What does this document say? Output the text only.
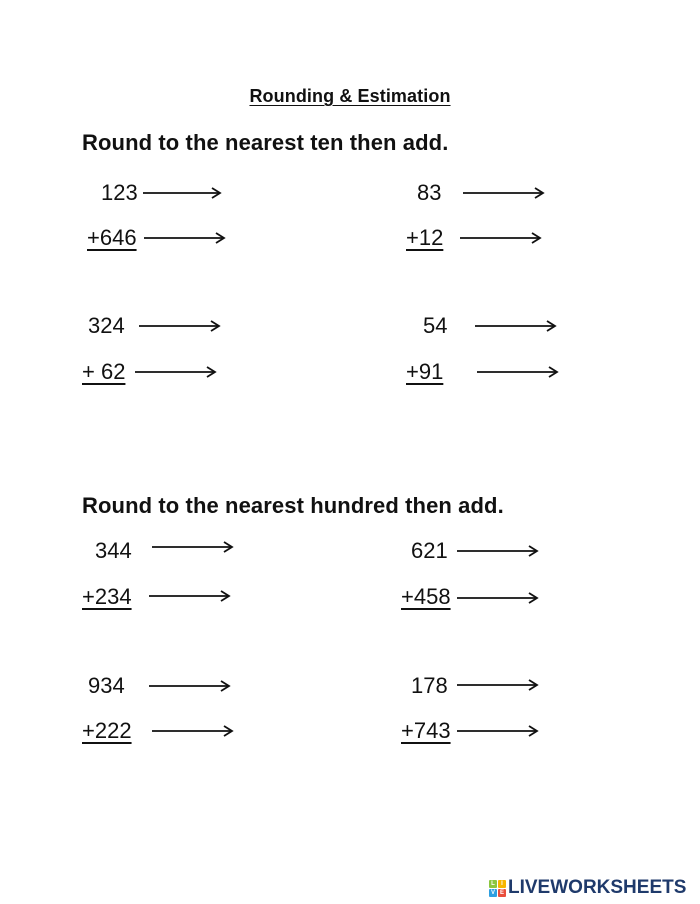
Rounding & Estimation
Round to the nearest ten then add.
123
+646
83
+12
324
+ 62
54
+91
Round to the nearest hundred then add.
344
+234
621
+458
934
+222
178
+743
L	I
V E LIVEWORKSHEETS
